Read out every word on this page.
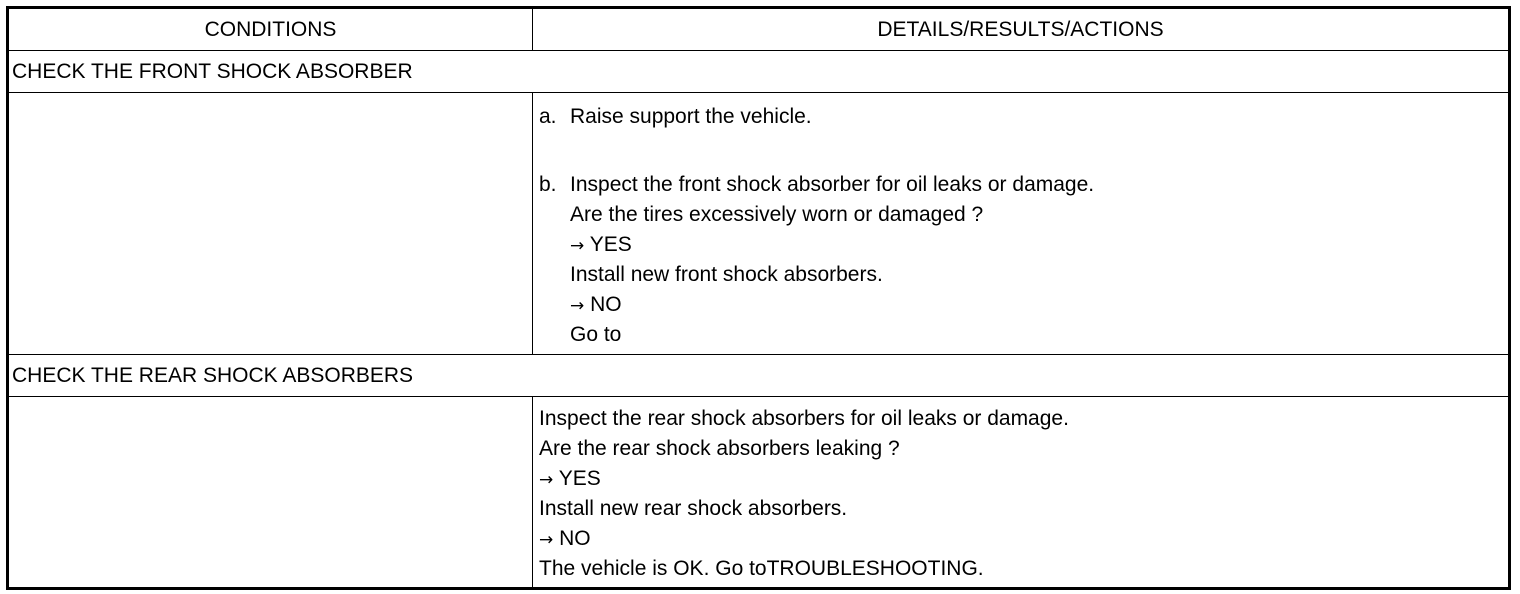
CONDITIONS	DETAILS/RESULTS/ACTIONS
CHECK THE FRONT SHOCK ABSORBER
a. Raise support the vehicle.
b. Inspect the front shock absorber for oil leaks or damage.
Are the tires excessively worn or damaged ?
→ YES
Install new front shock absorbers.
→ NO
Go to
CHECK THE REAR SHOCK ABSORBERS
Inspect the rear shock absorbers for oil leaks or damage.
Are the rear shock absorbers leaking ?
→ YES
Install new rear shock absorbers.
→ NO
The vehicle is OK. Go toTROUBLESHOOTING.
